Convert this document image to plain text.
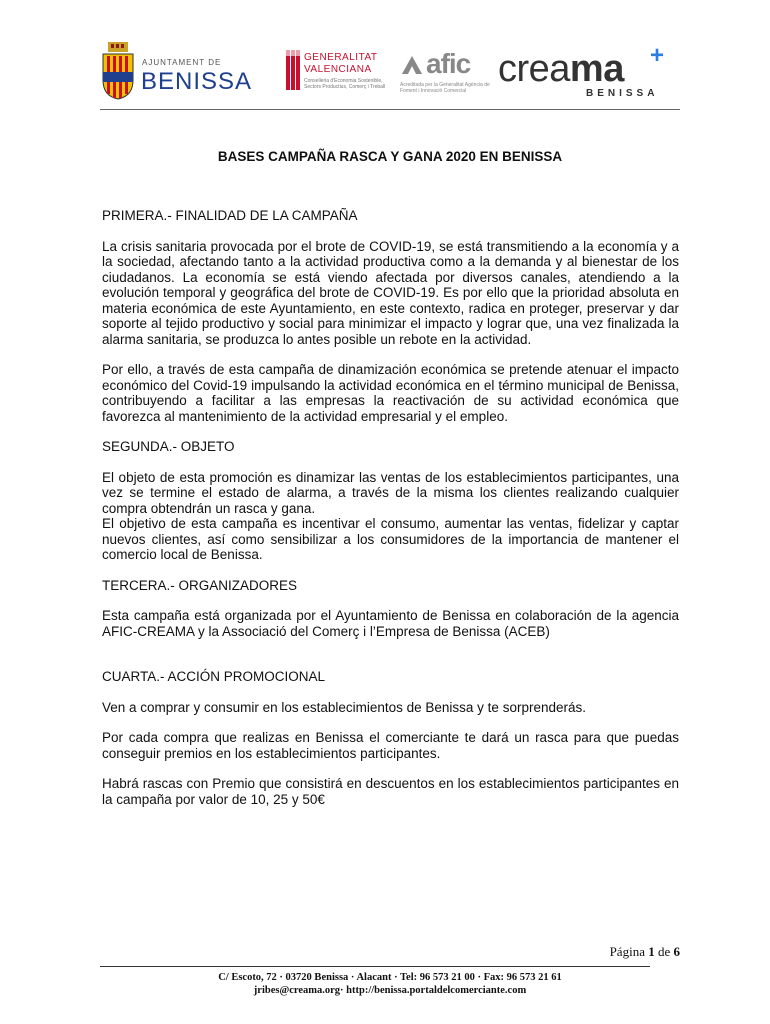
AJUNTAMENT DE
BENISSA
GENERALITAT
VALENCIANA
Conselleria d'Economia Sostenible, Sectors Productius, Comerç i Treball
afic
Acreditada per la Generalitat Agència de Foment i Innovació Comercial
creama +
BENISSA
BASES CAMPAÑA RASCA Y GANA 2020 EN BENISSA
PRIMERA.- FINALIDAD DE LA CAMPAÑA

La crisis sanitaria provocada por el brote de COVID-19, se está transmitiendo a la economía y a la sociedad, afectando tanto a la actividad productiva como a la demanda y al bienestar de los ciudadanos. La economía se está viendo afectada por diversos canales, atendiendo a la evolución temporal y geográfica del brote de COVID-19. Es por ello que la prioridad absoluta en materia económica de este Ayuntamiento, en este contexto, radica en proteger, preservar y dar soporte al tejido productivo y social para minimizar el impacto y lograr que, una vez finalizada la alarma sanitaria, se produzca lo antes posible un rebote en la actividad.

Por ello, a través de esta campaña de dinamización económica se pretende atenuar el impacto económico del Covid-19 impulsando la actividad económica en el término municipal de Benissa, contribuyendo a facilitar a las empresas la reactivación de su actividad económica que favorezca al mantenimiento de la actividad empresarial y el empleo.

SEGUNDA.- OBJETO

El objeto de esta promoción es dinamizar las ventas de los establecimientos participantes, una vez se termine el estado de alarma, a través de la misma los clientes realizando cualquier compra obtendrán un rasca y gana.

El objetivo de esta campaña es incentivar el consumo, aumentar las ventas, fidelizar y captar nuevos clientes, así como sensibilizar a los consumidores de la importancia de mantener el comercio local de Benissa.

TERCERA.- ORGANIZADORES

Esta campaña está organizada por el Ayuntamiento de Benissa en colaboración de la agencia AFIC-CREAMA y la Associació del Comerç i l’Empresa de Benissa (ACEB)

CUARTA.- ACCIÓN PROMOCIONAL

Ven a comprar y consumir en los establecimientos de Benissa y te sorprenderás.

Por cada compra que realizas en Benissa el comerciante te dará un rasca para que puedas conseguir premios en los establecimientos participantes.

Habrá rascas con Premio que consistirá en descuentos en los establecimientos participantes en la campaña por valor de 10, 25 y 50€

Página 1 de 6
C/ Escoto, 72 · 03720 Benissa · Alacant · Tel: 96 573 21 00 · Fax: 96 573 21 61
jribes@creama.org· http://benissa.portaldelcomerciante.com
